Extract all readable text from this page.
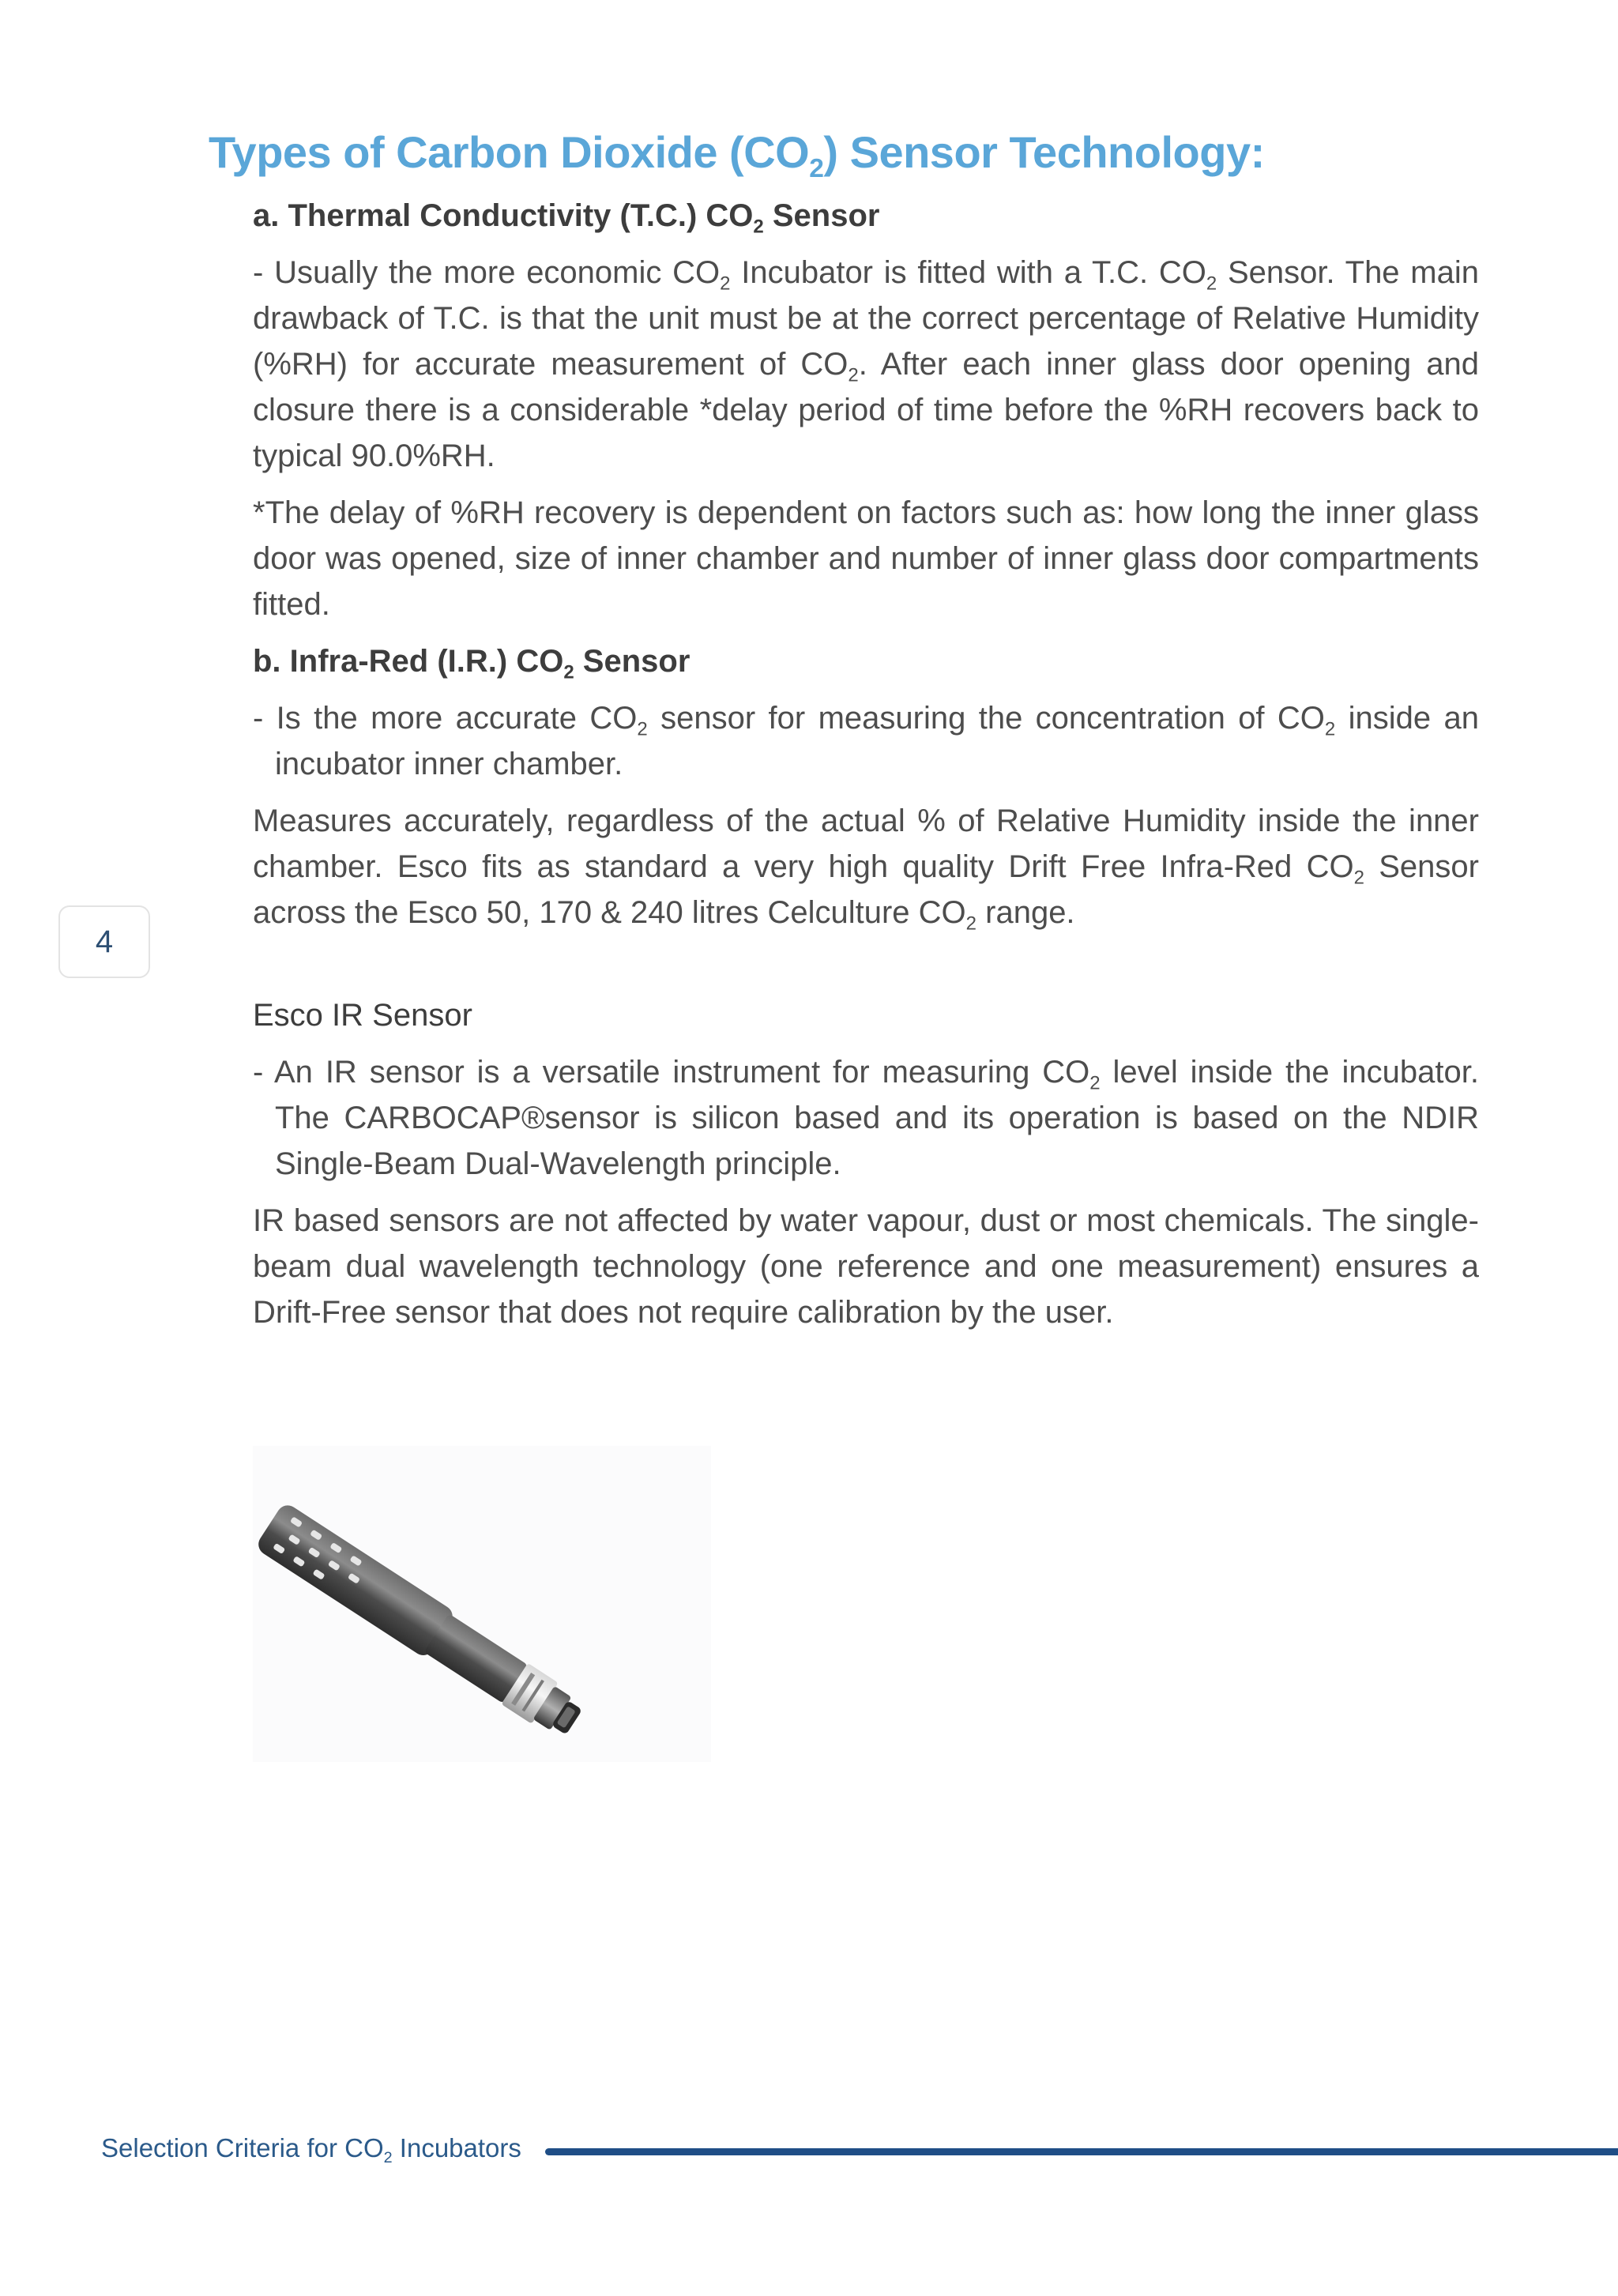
Types of Carbon Dioxide $(CO_2)$ Sensor Technology:
a. Thermal Conductivity (T.C.) $CO_2$ Sensor

- Usually the more economic $CO_2$ Incubator is fitted with a T.C. $CO_2$ Sensor. The main drawback of T.C. is that the unit must be at the correct percentage of Relative Humidity (%RH) for accurate measurement of $CO_2$. After each inner glass door opening and closure there is a considerable *delay period of time before the %RH recovers back to typical 90.0%RH.

*The delay of %RH recovery is dependent on factors such as: how long the inner glass door was opened, size of inner chamber and number of inner glass door compartments fitted.

b. Infra-Red (I.R.) $CO_2$ Sensor

- Is the more accurate $CO_2$ sensor for measuring the concentration of $CO_2$ inside an incubator inner chamber.

Measures accurately, regardless of the actual % of Relative Humidity inside the inner chamber. Esco fits as standard a very high quality Drift Free Infra-Red $CO_2$ Sensor across the Esco 50, 170 & 240 litres Celculture $CO_2$ range.

Esco IR Sensor

- An IR sensor is a versatile instrument for measuring $CO_2$ level inside the incubator. The CARBOCAP®sensor is silicon based and its operation is based on the NDIR Single-Beam Dual-Wavelength principle.

IR based sensors are not affected by water vapour, dust or most chemicals. The single-beam dual wavelength technology (one reference and one measurement) ensures a Drift-Free sensor that does not require calibration by the user.

4
Selection Criteria for $CO_2$ Incubators
